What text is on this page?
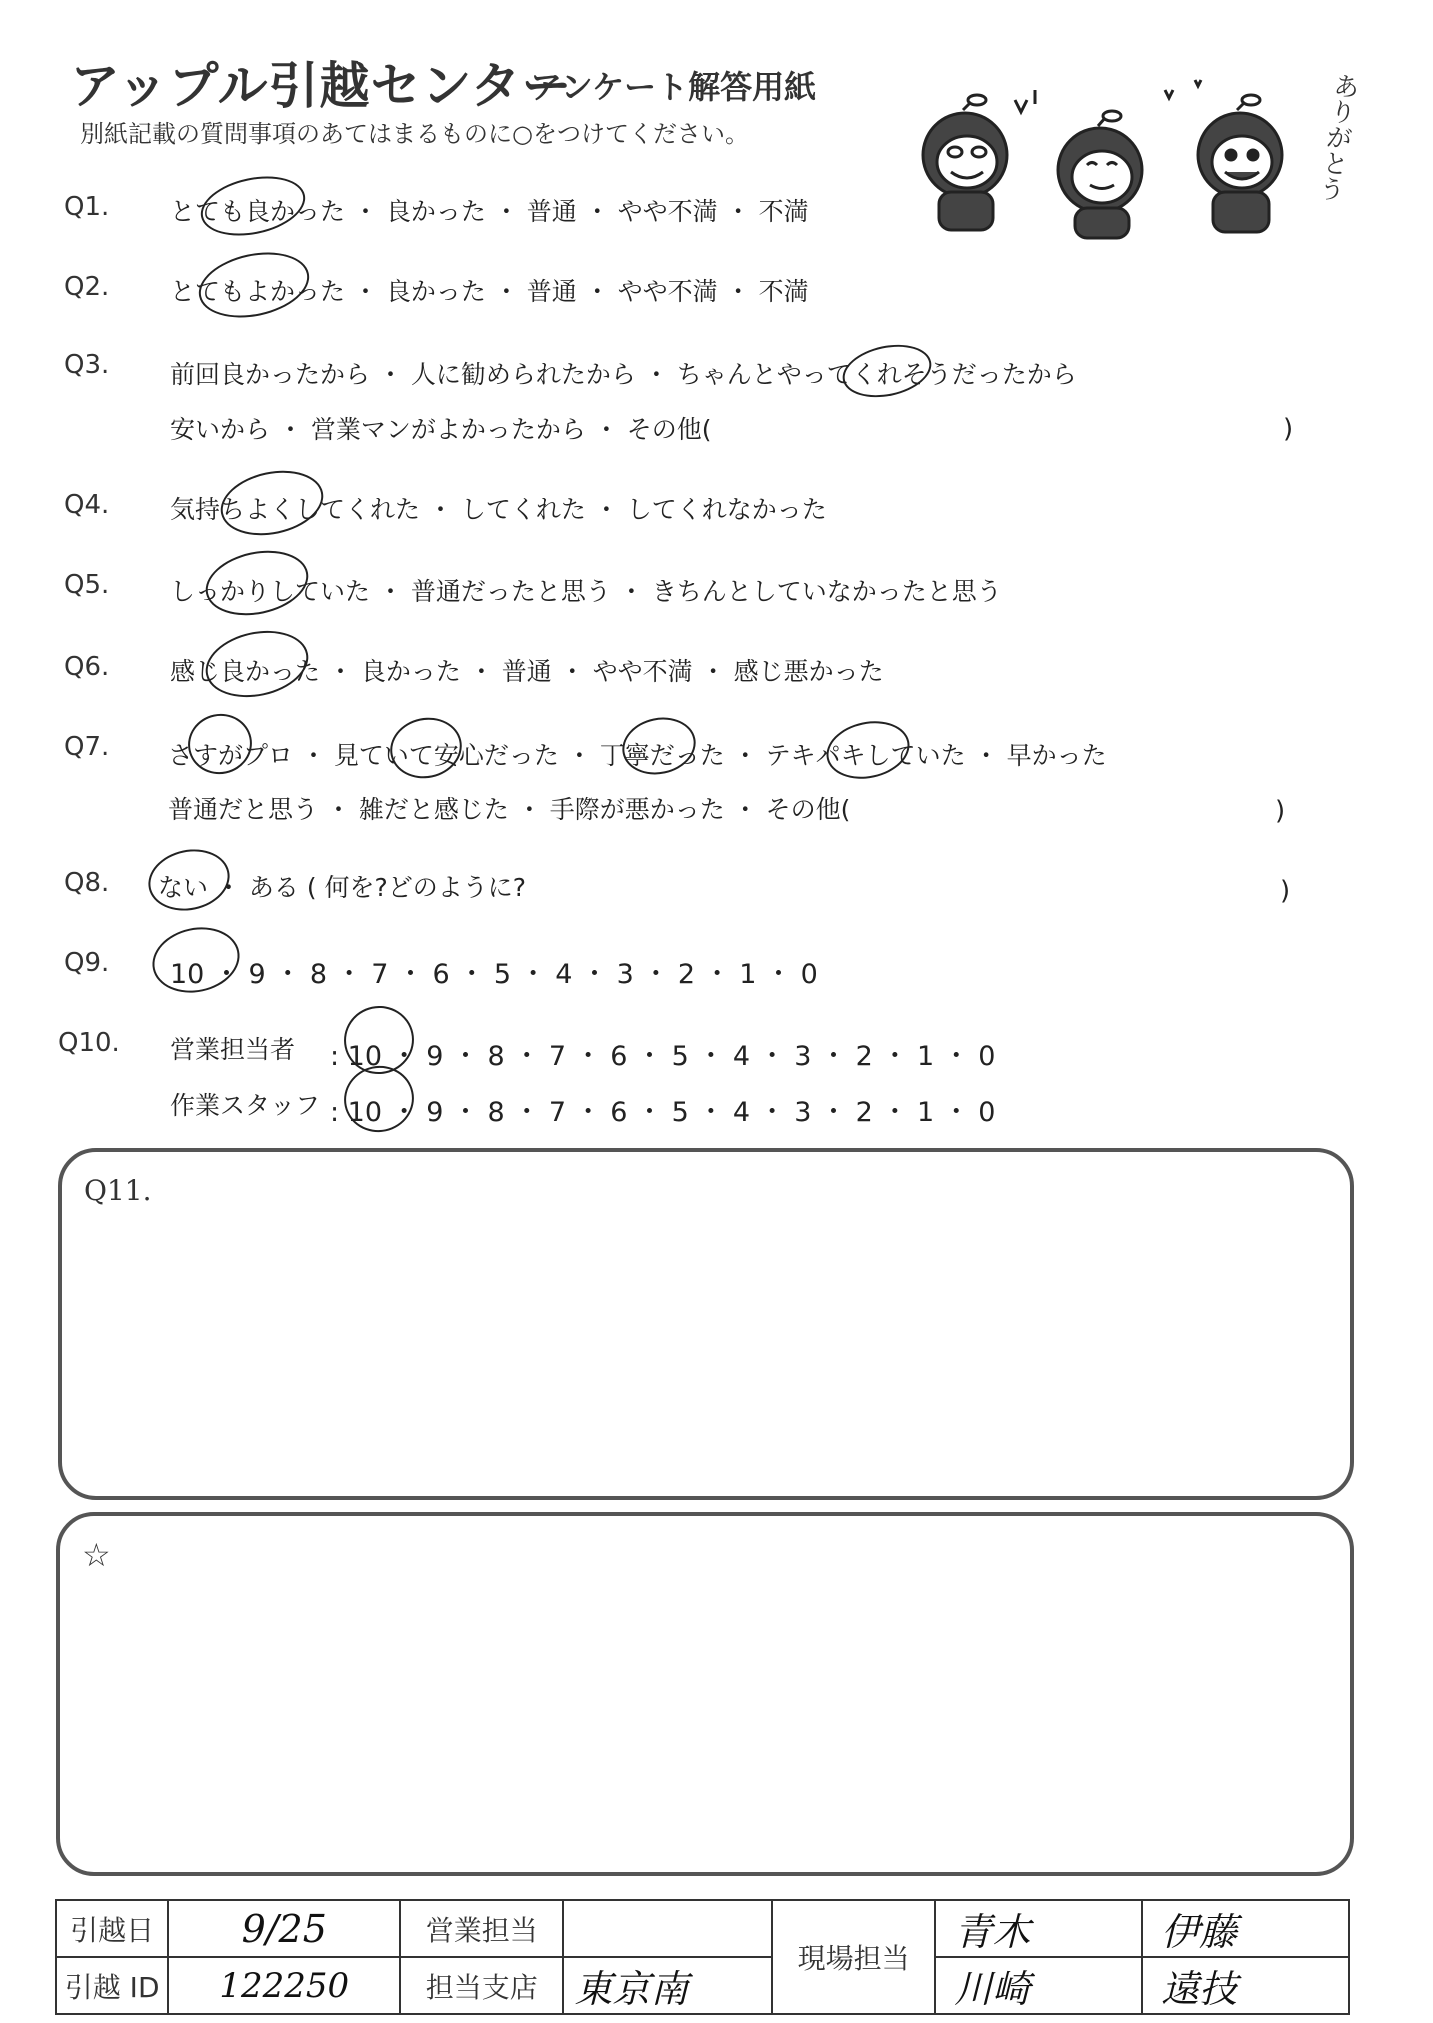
アップル引越センター
アンケート解答用紙
別紙記載の質問事項のあてはまるものに○をつけてください。	ありがとう
Q1. とても良かった ・ 良かった ・ 普通 ・ やや不満 ・ 不満
Q2. とてもよかった ・ 良かった ・ 普通 ・ やや不満 ・ 不満
Q3. 前回良かったから ・ 人に勧められたから ・ ちゃんとやってくれそうだったから
安いから ・ 営業マンがよかったから ・ その他(	)
Q4. 気持ちよくしてくれた ・ してくれた ・ してくれなかった
Q5. しっかりしていた ・ 普通だったと思う ・ きちんとしていなかったと思う
Q6. 感じ良かった ・ 良かった ・ 普通 ・ やや不満 ・ 感じ悪かった
Q7. さすがプロ ・ 見ていて安心だった ・ 丁寧だった ・ テキパキしていた ・ 早かった
普通だと思う ・ 雑だと感じた ・ 手際が悪かった ・ その他(	)
Q8. ない ・ ある ( 何を?どのように?	)
Q9. 10 ・ 9 ・ 8 ・ 7 ・ 6 ・ 5 ・ 4 ・ 3 ・ 2 ・ 1 ・ 0
Q10. 営業担当者 : 10 ・ 9 ・ 8 ・ 7 ・ 6 ・ 5 ・ 4 ・ 3 ・ 2 ・ 1 ・ 0
作業スタッフ : 10 ・ 9 ・ 8 ・ 7 ・ 6 ・ 5 ・ 4 ・ 3 ・ 2 ・ 1 ・ 0
Q11.
☆
引越日	9/25	営業担当		現場担当	青木	伊藤
引越 ID	122250	担当支店	東京南		川崎	遠技
